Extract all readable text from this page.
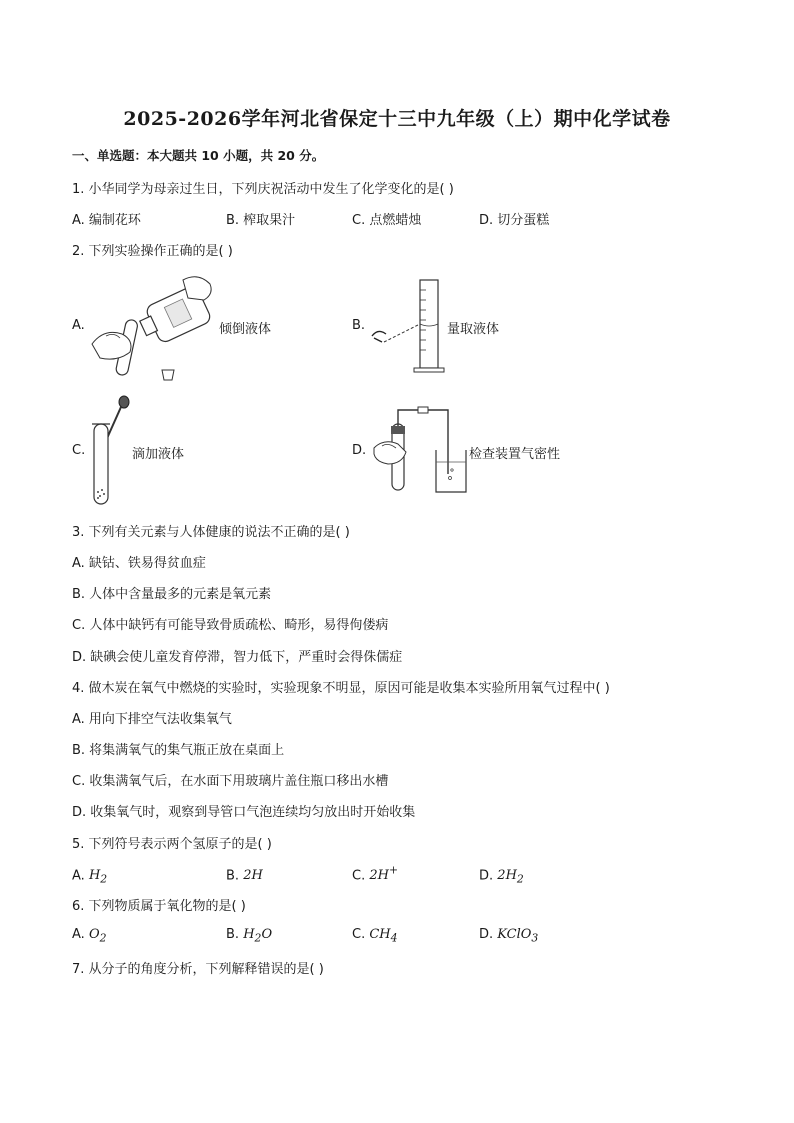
2025-2026学年河北省保定十三中九年级（上）期中化学试卷
一、单选题：本大题共 10 小题，共 20 分。
1. 小华同学为母亲过生日，下列庆祝活动中发生了化学变化的是( )
A. 编制花环	B. 榨取果汁	C. 点燃蜡烛	D. 切分蛋糕
2. 下列实验操作正确的是( )
A.	倾倒液体	B.	量取液体
C.	滴加液体	D.	检查装置气密性
3. 下列有关元素与人体健康的说法不正确的是( )
A. 缺钴、铁易得贫血症
B. 人体中含量最多的元素是氧元素
C. 人体中缺钙有可能导致骨质疏松、畸形，易得佝偻病
D. 缺碘会使儿童发育停滞，智力低下，严重时会得侏儒症
4. 做木炭在氧气中燃烧的实验时，实验现象不明显，原因可能是收集本实验所用氧气过程中( )
A. 用向下排空气法收集氧气
B. 将集满氧气的集气瓶正放在桌面上
C. 收集满氧气后，在水面下用玻璃片盖住瓶口移出水槽
D. 收集氧气时，观察到导管口气泡连续均匀放出时开始收集
5. 下列符号表示两个氢原子的是( )
A. $H_2$	B. 2H	C. 2H+	D. $2H_2$
6. 下列物质属于氧化物的是( )
A. $O_2$	B. $H_2O$	C. $CH_4$	D. KClO$_3$
7. 从分子的角度分析，下列解释错误的是( )
